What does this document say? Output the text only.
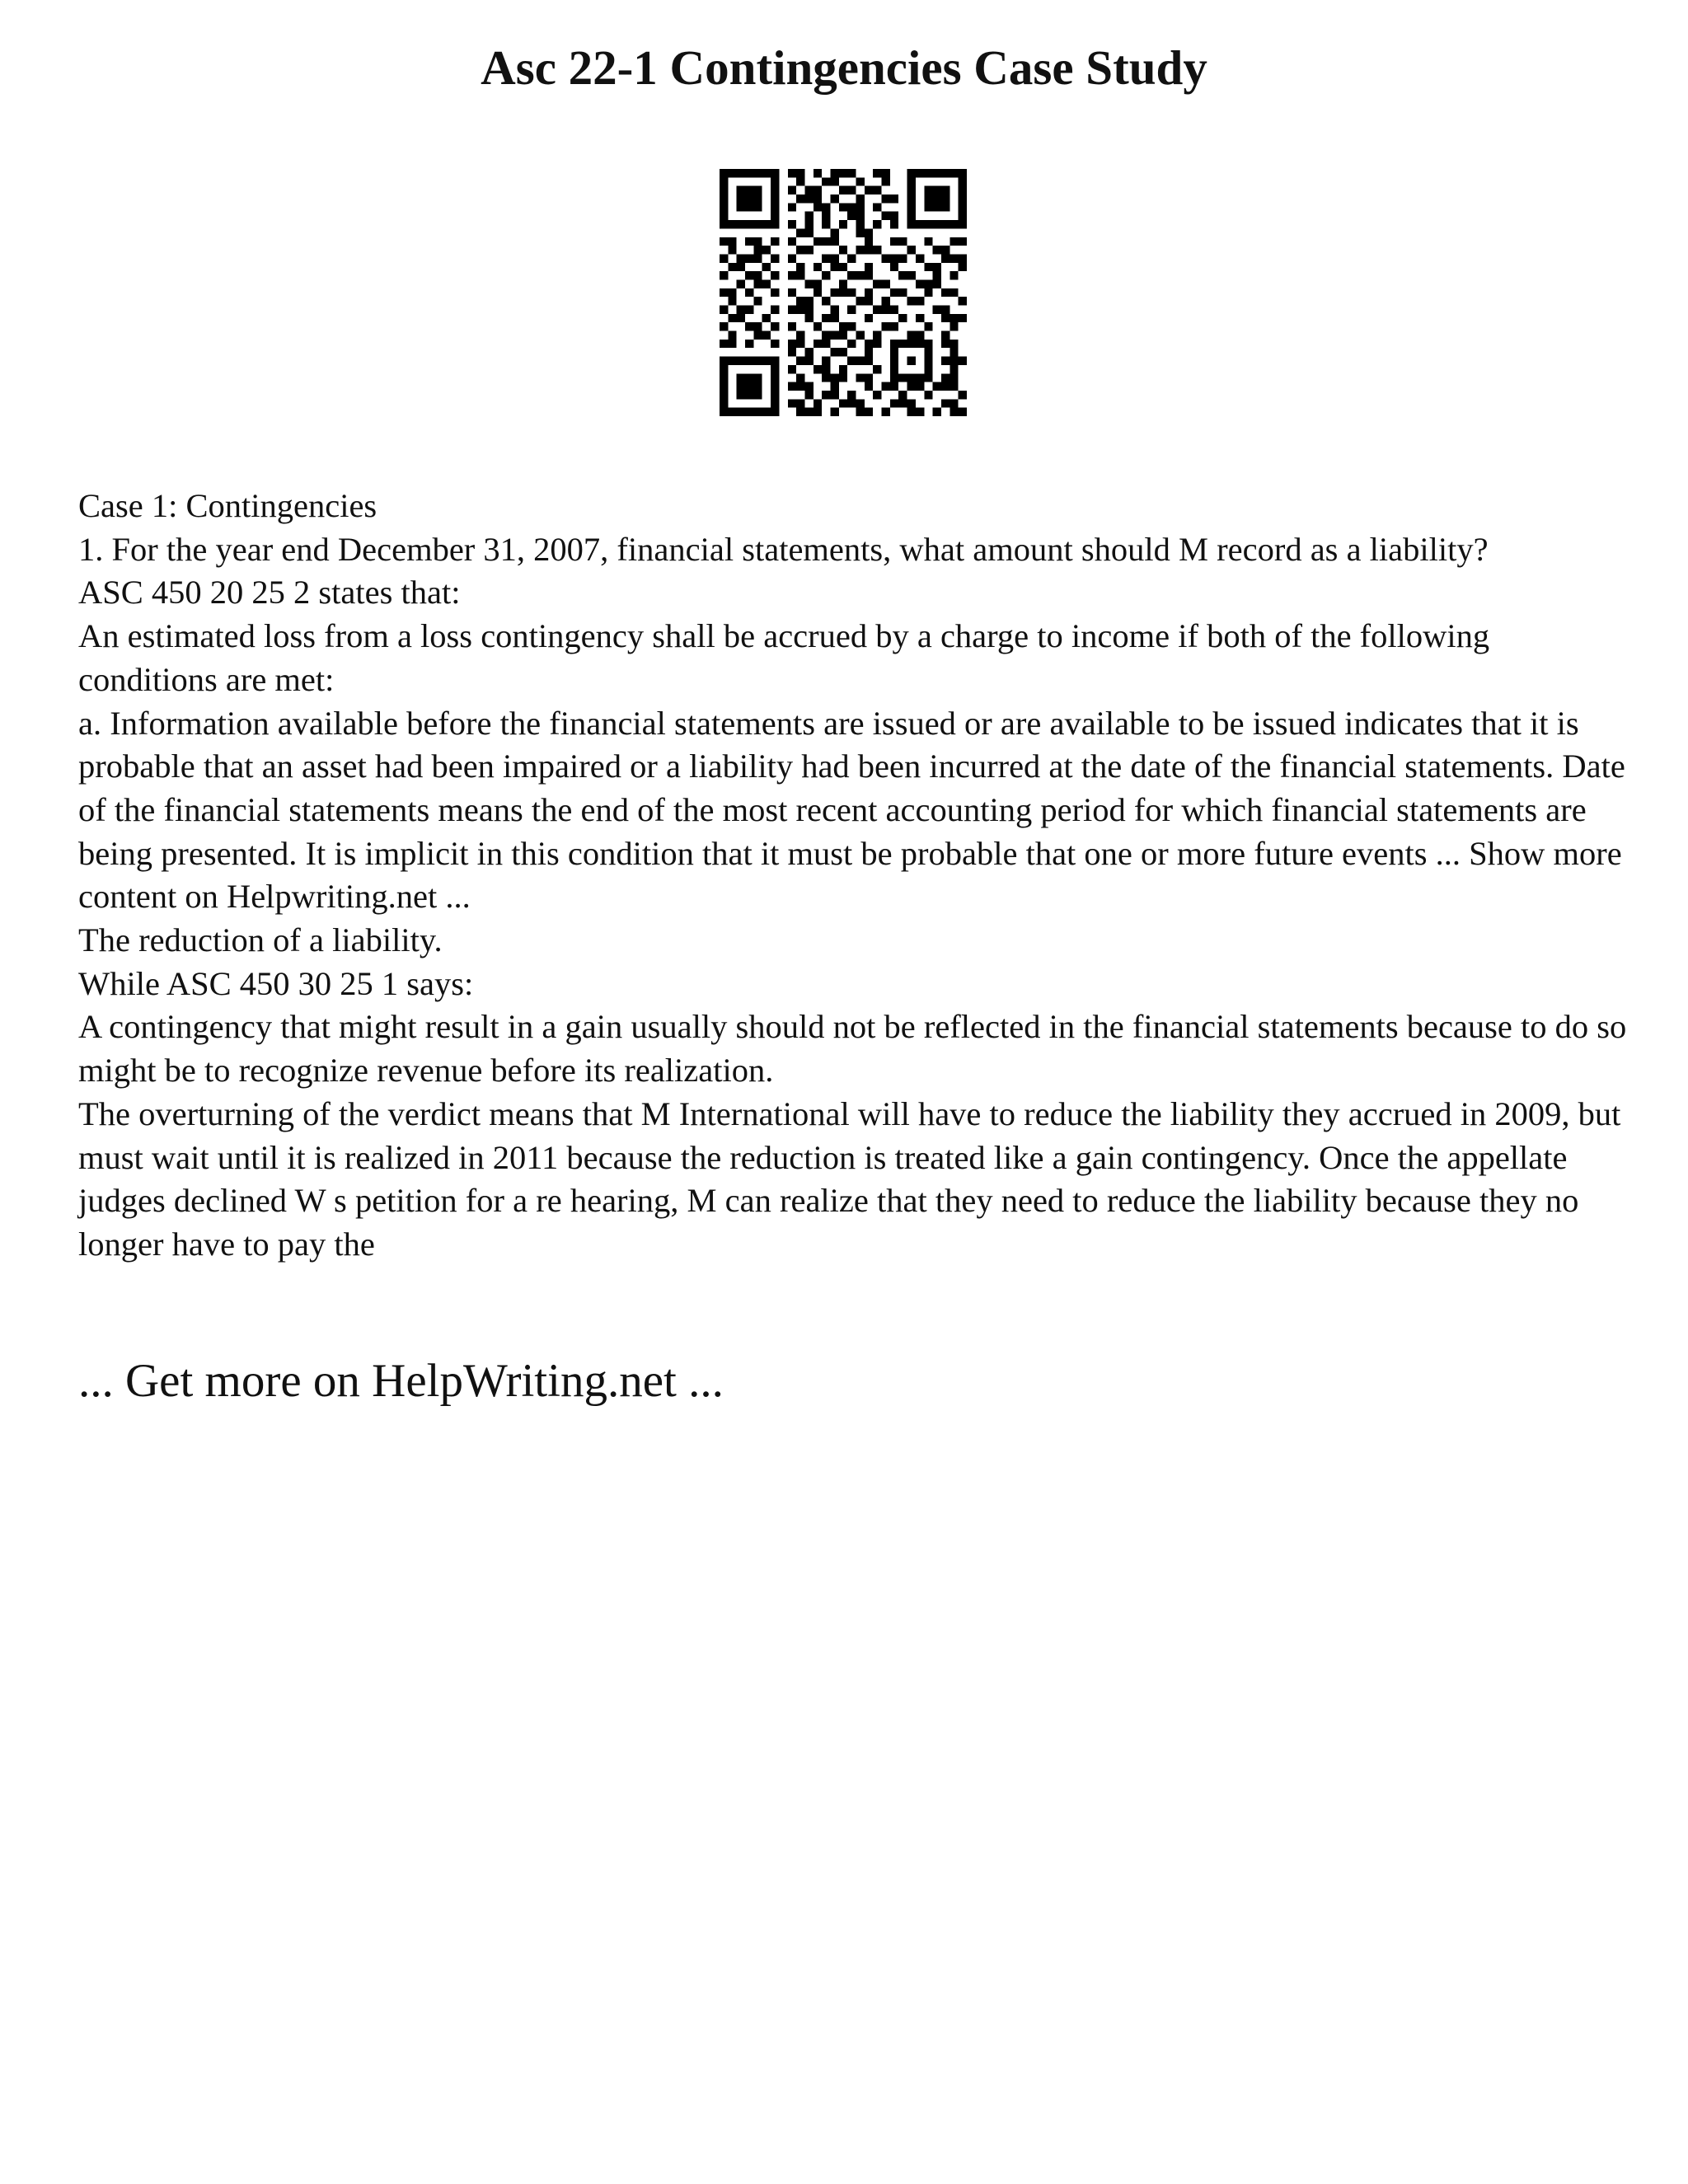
Asc 22-1 Contingencies Case Study

Case 1: Contingencies

1. For the year end December 31, 2007, financial statements, what amount should M record as a liability?

ASC 450 20 25 2 states that:

An estimated loss from a loss contingency shall be accrued by a charge to income if both of the following conditions are met:

a. Information available before the financial statements are issued or are available to be issued indicates that it is probable that an asset had been impaired or a liability had been incurred at the date of the financial statements. Date of the financial statements means the end of the most recent accounting period for which financial statements are being presented. It is implicit in this condition that it must be probable that one or more future events ... Show more content on Helpwriting.net ...

The reduction of a liability.

While ASC 450 30 25 1 says:

A contingency that might result in a gain usually should not be reflected in the financial statements because to do so might be to recognize revenue before its realization.

The overturning of the verdict means that M International will have to reduce the liability they accrued in 2009, but must wait until it is realized in 2011 because the reduction is treated like a gain contingency. Once the appellate judges declined W s petition for a re hearing, M can realize that they need to reduce the liability because they no longer have to pay the

... Get more on HelpWriting.net ...
